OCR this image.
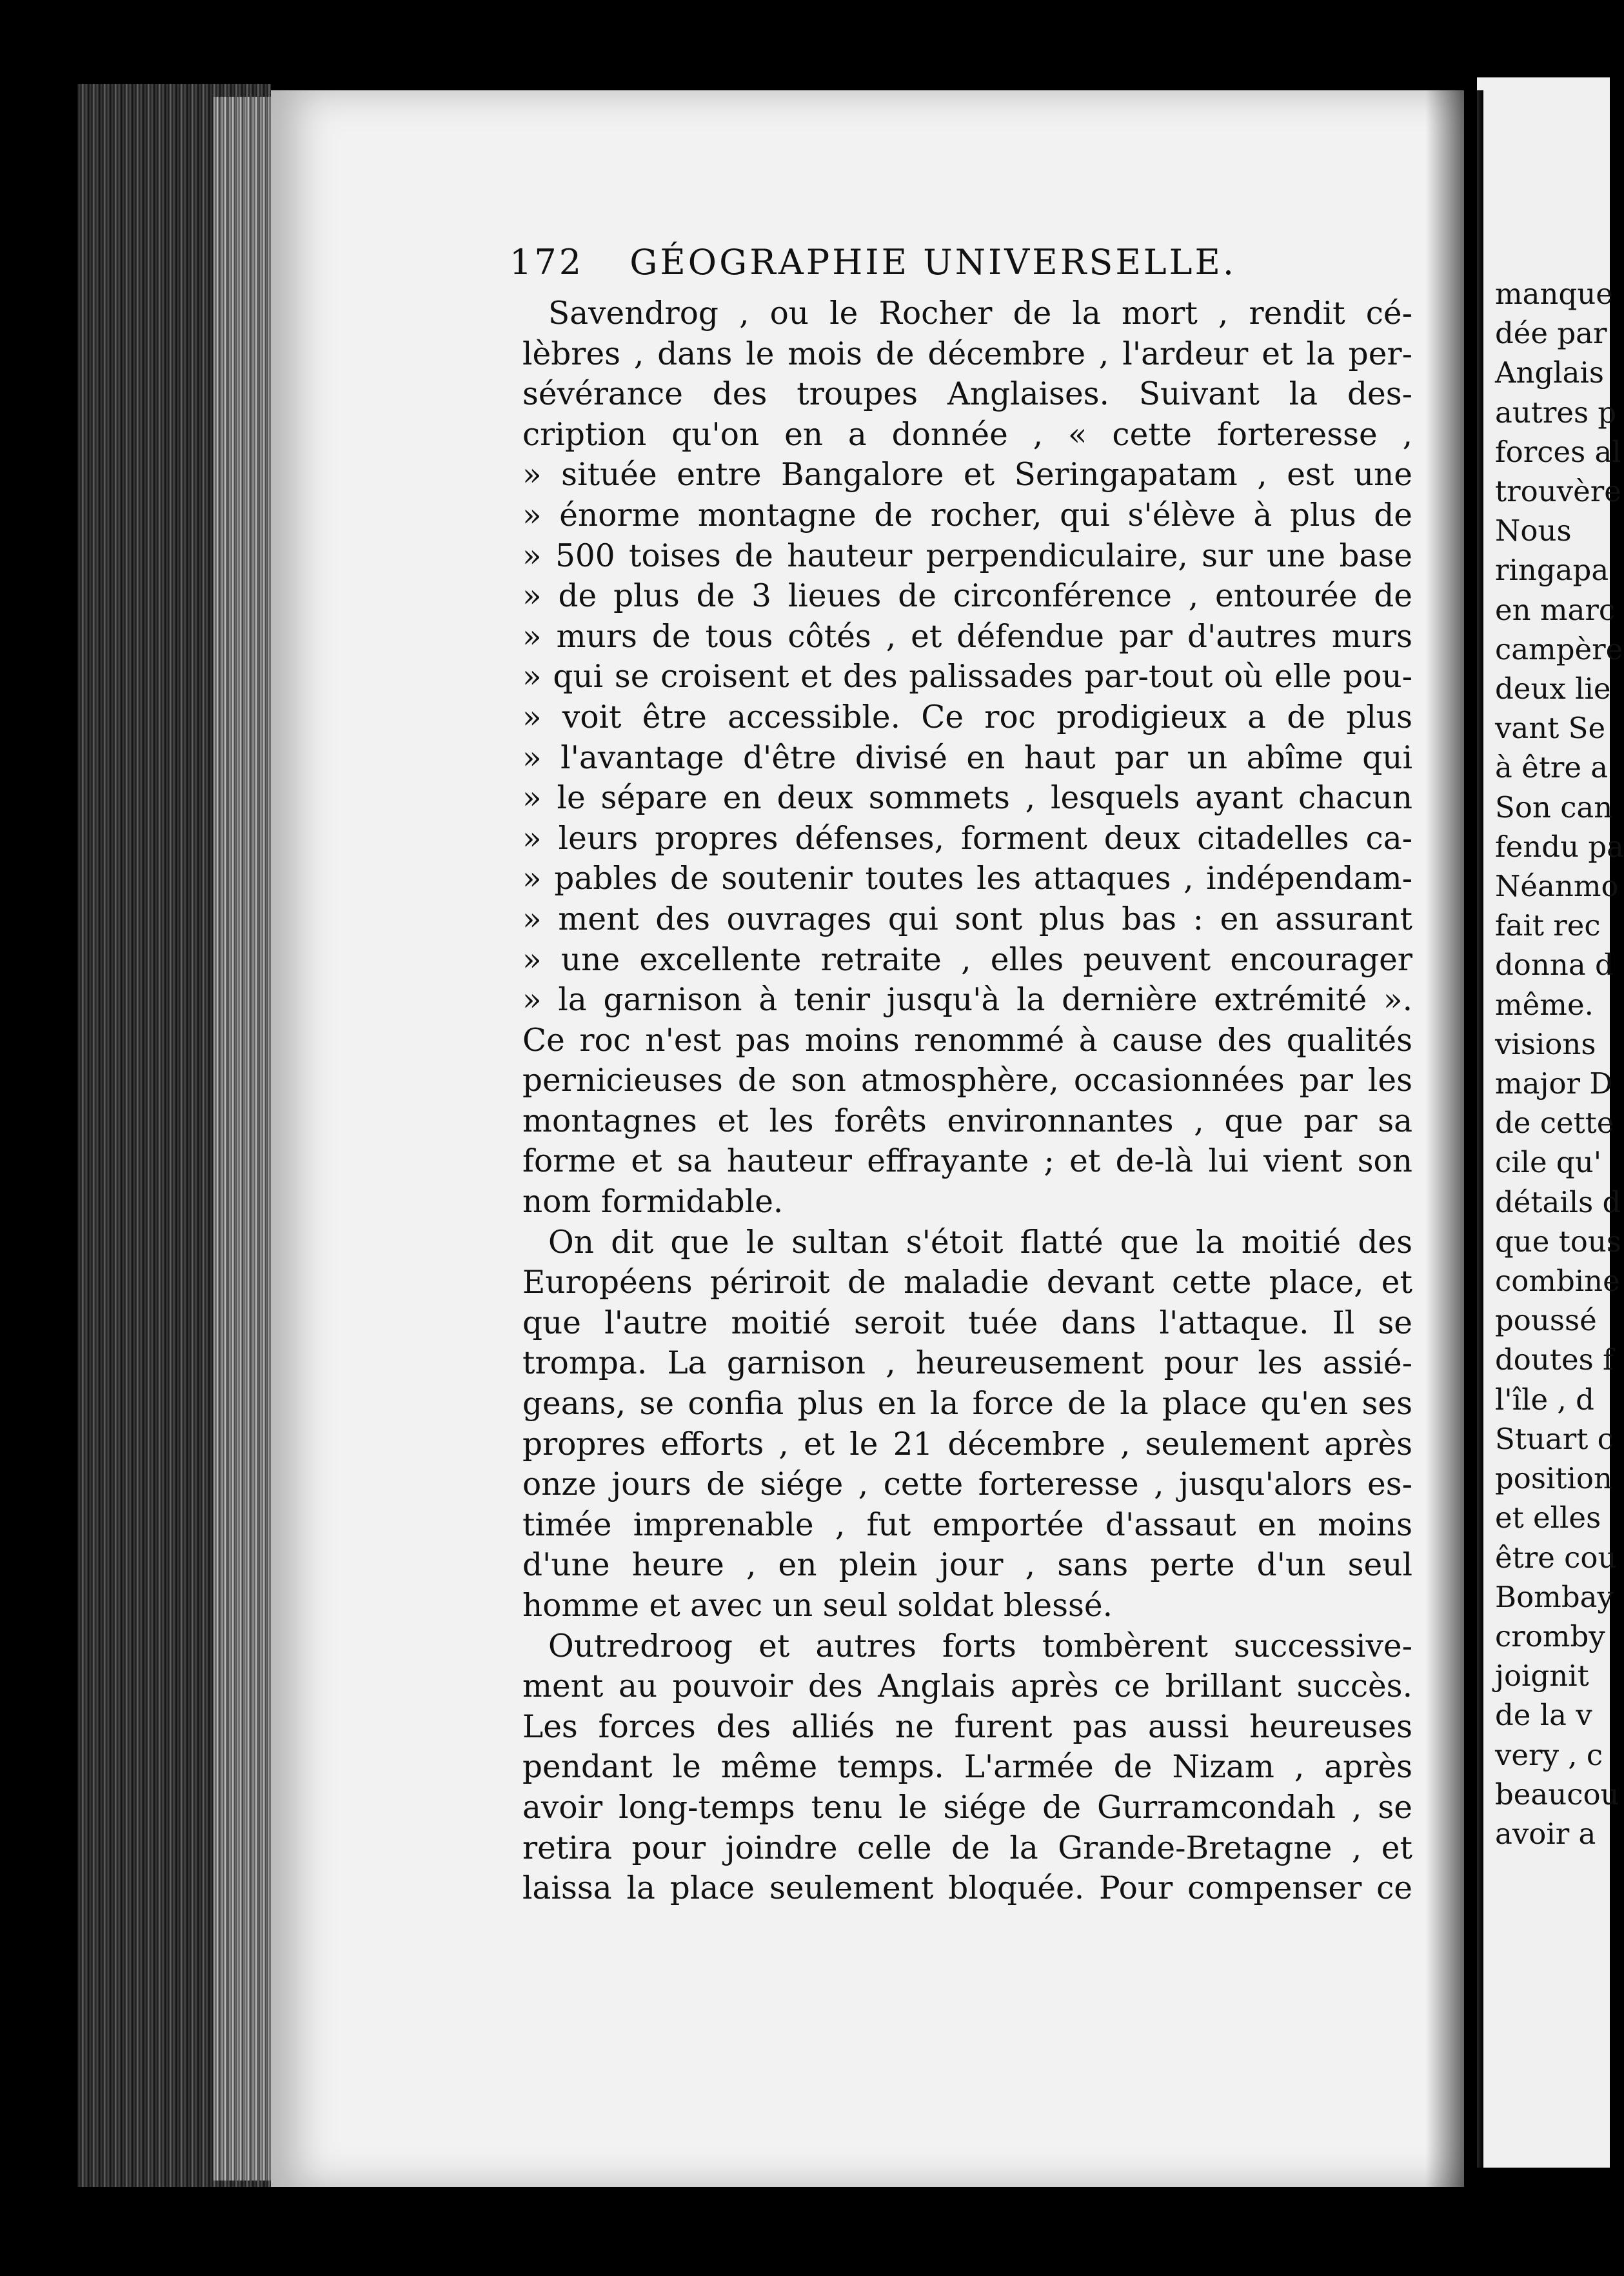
172 GÉOGRAPHIE UNIVERSELLE.
Savendrog , ou le Rocher de la mort , rendit cé-
lèbres , dans le mois de décembre , l'ardeur et la per-
sévérance des troupes Anglaises. Suivant la des-
cription qu'on en a donnée , « cette forteresse ,
» située entre Bangalore et Seringapatam , est une
» énorme montagne de rocher, qui s'élève à plus de
» 500 toises de hauteur perpendiculaire, sur une base
» de plus de 3 lieues de circonférence , entourée de
» murs de tous côtés , et défendue par d'autres murs
» qui se croisent et des palissades par-tout où elle pou-
» voit être accessible. Ce roc prodigieux a de plus
» l'avantage d'être divisé en haut par un abîme qui
» le sépare en deux sommets , lesquels ayant chacun
» leurs propres défenses, forment deux citadelles ca-
» pables de soutenir toutes les attaques , indépendam-
» ment des ouvrages qui sont plus bas : en assurant
» une excellente retraite , elles peuvent encourager
» la garnison à tenir jusqu'à la dernière extrémité ».
Ce roc n'est pas moins renommé à cause des qualités
pernicieuses de son atmosphère, occasionnées par les
montagnes et les forêts environnantes , que par sa
forme et sa hauteur effrayante ; et de-là lui vient son
nom formidable.
On dit que le sultan s'étoit flatté que la moitié des
Européens périroit de maladie devant cette place, et
que l'autre moitié seroit tuée dans l'attaque. Il se
trompa. La garnison , heureusement pour les assié-
geans, se confia plus en la force de la place qu'en ses
propres efforts , et le 21 décembre , seulement après
onze jours de siége , cette forteresse , jusqu'alors es-
timée imprenable , fut emportée d'assaut en moins
d'une heure , en plein jour , sans perte d'un seul
homme et avec un seul soldat blessé.
Outredroog et autres forts tombèrent successive-
ment au pouvoir des Anglais après ce brillant succès.
Les forces des alliés ne furent pas aussi heureuses
pendant le même temps. L'armée de Nizam , après
avoir long-temps tenu le siége de Gurramcondah , se
retira pour joindre celle de la Grande-Bretagne , et
laissa la place seulement bloquée. Pour compenser ce
manque
dée par
Anglais
autres p
forces al
trouvère
Nous
ringapa
en marc
campère
deux lie
vant Se
à être a
Son can
fendu pa
Néanmo
fait rec
donna d
même.
visions
major D
de cette
cile qu'
détails d
que tous
combine
poussé
doutes f
l'île , d
Stuart c
position
et elles
être cou
Bombay
cromby
joignit
de la v
very , c
beaucou
avoir a
